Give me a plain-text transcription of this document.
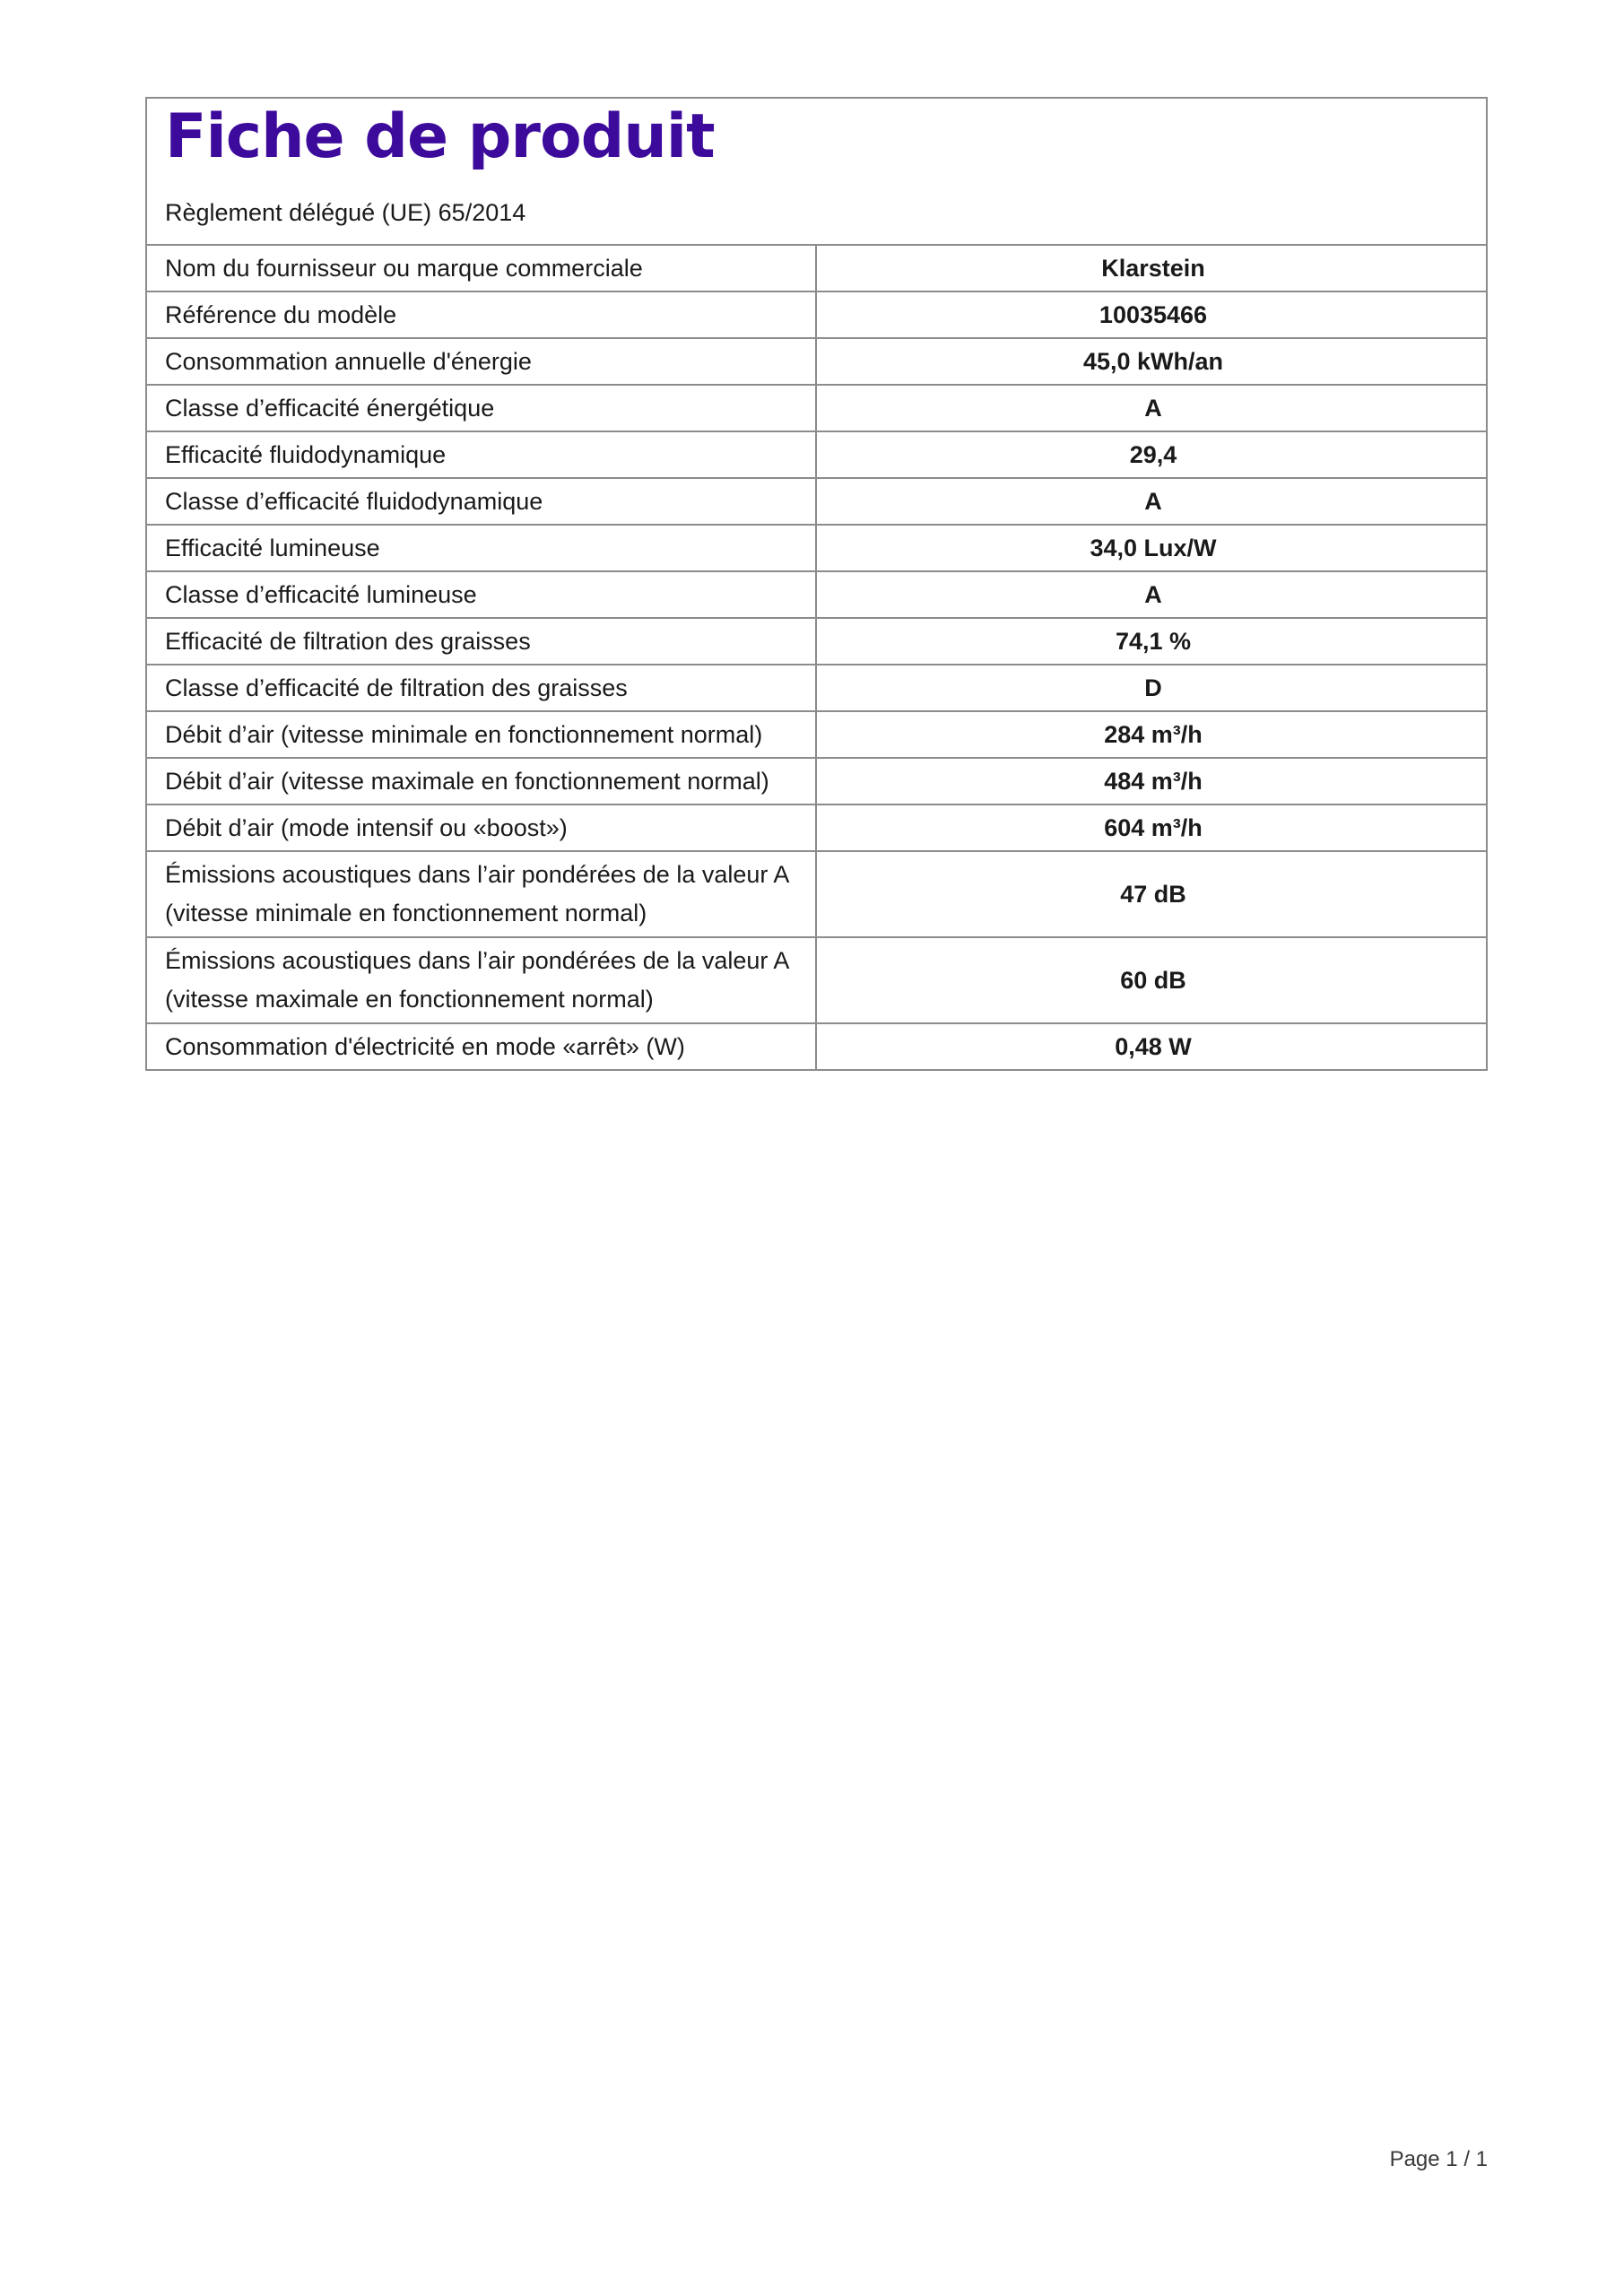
Fiche de produit

Règlement délégué (UE) 65/2014

Nom du fournisseur ou marque commerciale	Klarstein
Référence du modèle	10035466
Consommation annuelle d'énergie	45,0 kWh/an
Classe d’efficacité énergétique	A
Efficacité fluidodynamique	29,4
Classe d’efficacité fluidodynamique	A
Efficacité lumineuse	34,0 Lux/W
Classe d’efficacité lumineuse	A
Efficacité de filtration des graisses	74,1 %
Classe d’efficacité de filtration des graisses	D
Débit d’air (vitesse minimale en fonctionnement normal)	284 m³/h
Débit d’air (vitesse maximale en fonctionnement normal)	484 m³/h
Débit d’air (mode intensif ou «boost»)	604 m³/h
Émissions acoustiques dans l’air pondérées de la valeur A (vitesse minimale en fonctionnement normal)	47 dB
Émissions acoustiques dans l’air pondérées de la valeur A (vitesse maximale en fonctionnement normal)	60 dB
Consommation d'électricité en mode «arrêt» (W)	0,48 W
Page 1 / 1
